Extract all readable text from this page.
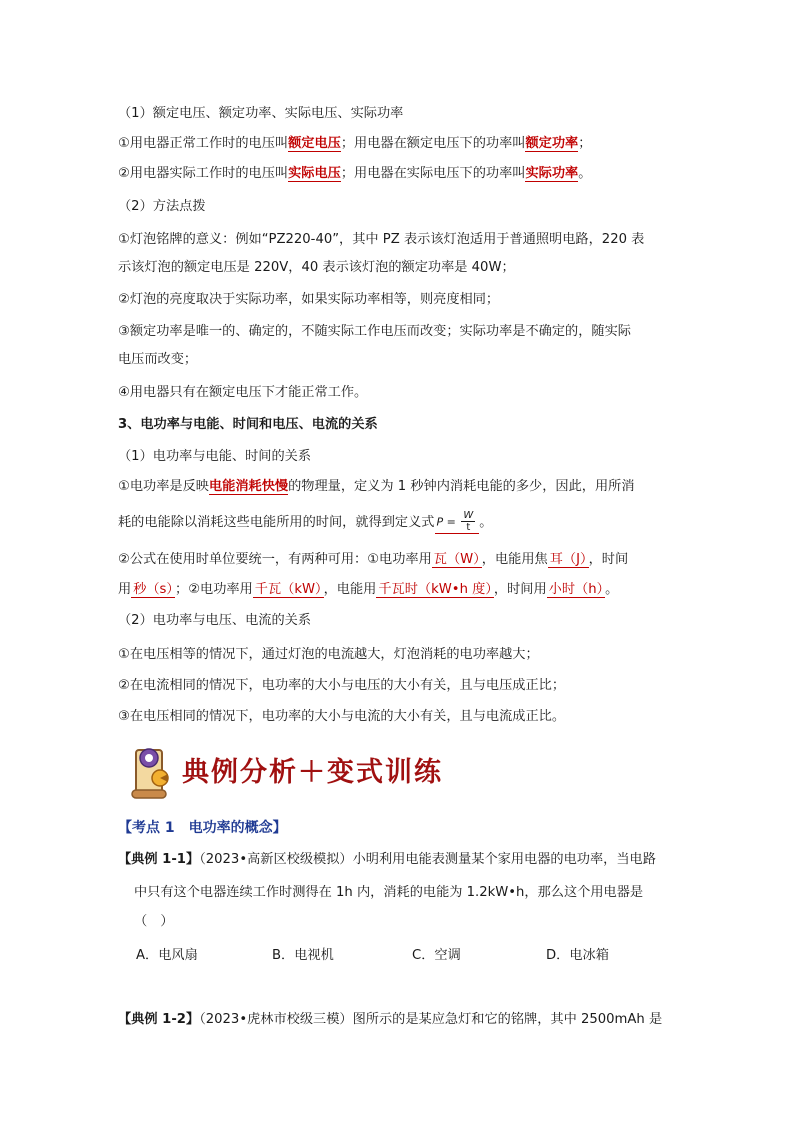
（1）额定电压、额定功率、实际电压、实际功率
①用电器正常工作时的电压叫额定电压；用电器在额定电压下的功率叫额定功率；
②用电器实际工作时的电压叫实际电压；用电器在实际电压下的功率叫实际功率。
（2）方法点拨
①灯泡铭牌的意义：例如“PZ220-40”，其中 PZ 表示该灯泡适用于普通照明电路，220 表
示该灯泡的额定电压是 220V，40 表示该灯泡的额定功率是 40W；
②灯泡的亮度取决于实际功率，如果实际功率相等，则亮度相同；
③额定功率是唯一的、确定的，不随实际工作电压而改变；实际功率是不确定的，随实际
电压而改变；
④用电器只有在额定电压下才能正常工作。
3、电功率与电能、时间和电压、电流的关系
（1）电功率与电能、时间的关系
①电功率是反映电能消耗快慢的物理量，定义为 1 秒钟内消耗电能的多少，因此，用所消
耗的电能除以消耗这些电能所用的时间，就得到定义式 $P = \frac{W}{t}$ 。
②公式在使用时单位要统一，有两种可用：①电功率用 瓦（W） ，电能用焦 耳（J） ，时间
用 秒（s） ；②电功率用 千瓦（kW） ，电能用 千瓦时（kW•h 度） ，时间用 小时（h） 。
（2）电功率与电压、电流的关系
①在电压相等的情况下，通过灯泡的电流越大，灯泡消耗的电功率越大；
②在电流相同的情况下，电功率的大小与电压的大小有关，且与电压成正比；
③在电压相同的情况下，电功率的大小与电流的大小有关，且与电流成正比。
典例分析＋变式训练
【考点 1　电功率的概念】
【典例 1-1】（2023•高新区校级模拟）小明利用电能表测量某个家用电器的电功率，当电路
中只有这个电器连续工作时测得在 1h 内，消耗的电能为 1.2kW•h，那么这个用电器是
（　）
A．电风扇	B．电视机	C．空调	D．电冰箱
【典例 1-2】（2023•虎林市校级三模）图所示的是某应急灯和它的铭牌，其中 2500mAh 是
